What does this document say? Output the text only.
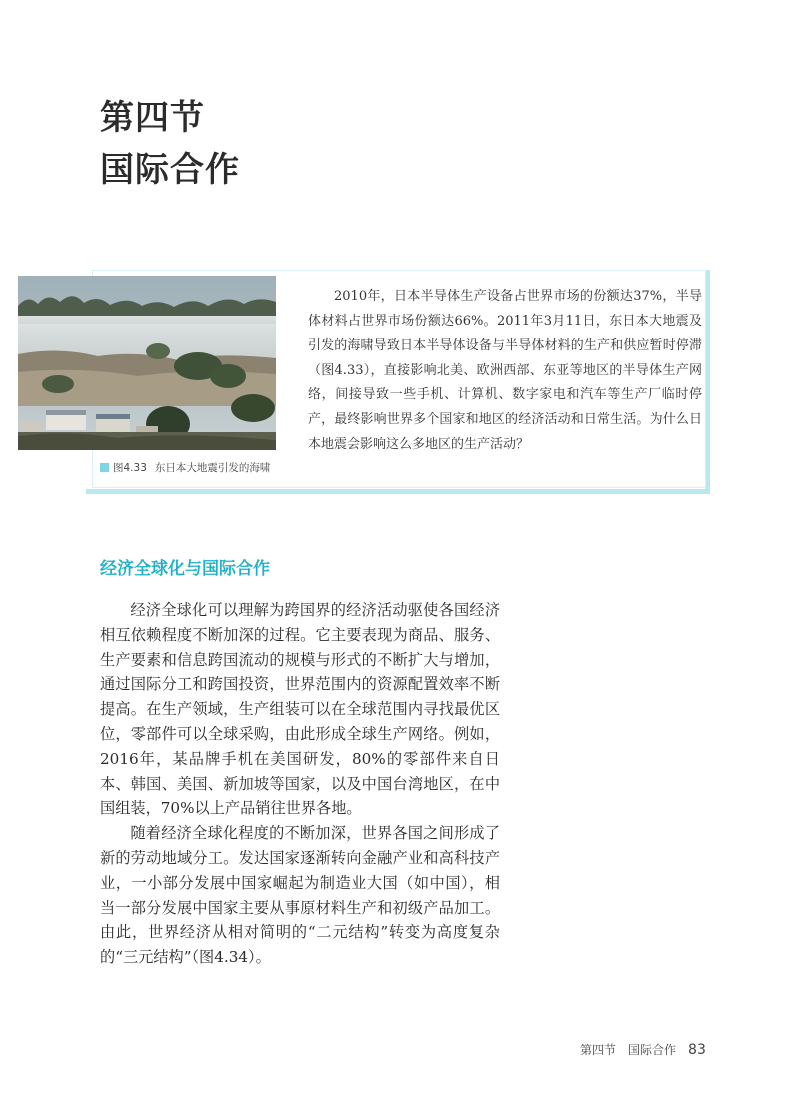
第四节
国际合作
图4.33 东日本大地震引发的海啸

2010年，日本半导体生产设备占世界市场的份额达37%，半导体材料占世界市场份额达66%。2011年3月11日，东日本大地震及引发的海啸导致日本半导体设备与半导体材料的生产和供应暂时停滞（图4.33），直接影响北美、欧洲西部、东亚等地区的半导体生产网络，间接导致一些手机、计算机、数字家电和汽车等生产厂临时停产，最终影响世界多个国家和地区的经济活动和日常生活。为什么日本地震会影响这么多地区的生产活动？

经济全球化与国际合作

经济全球化可以理解为跨国界的经济活动驱使各国经济相互依赖程度不断加深的过程。它主要表现为商品、服务、生产要素和信息跨国流动的规模与形式的不断扩大与增加，通过国际分工和跨国投资，世界范围内的资源配置效率不断提高。在生产领域，生产组装可以在全球范围内寻找最优区位，零部件可以全球采购，由此形成全球生产网络。例如，2016年，某品牌手机在美国研发，80%的零部件来自日本、韩国、美国、新加坡等国家，以及中国台湾地区，在中国组装，70%以上产品销往世界各地。

随着经济全球化程度的不断加深，世界各国之间形成了新的劳动地域分工。发达国家逐渐转向金融产业和高科技产业，一小部分发展中国家崛起为制造业大国（如中国），相当一部分发展中国家主要从事原材料生产和初级产品加工。由此，世界经济从相对简明的“二元结构”转变为高度复杂的“三元结构”（图4.34）。

第四节 国际合作 83
